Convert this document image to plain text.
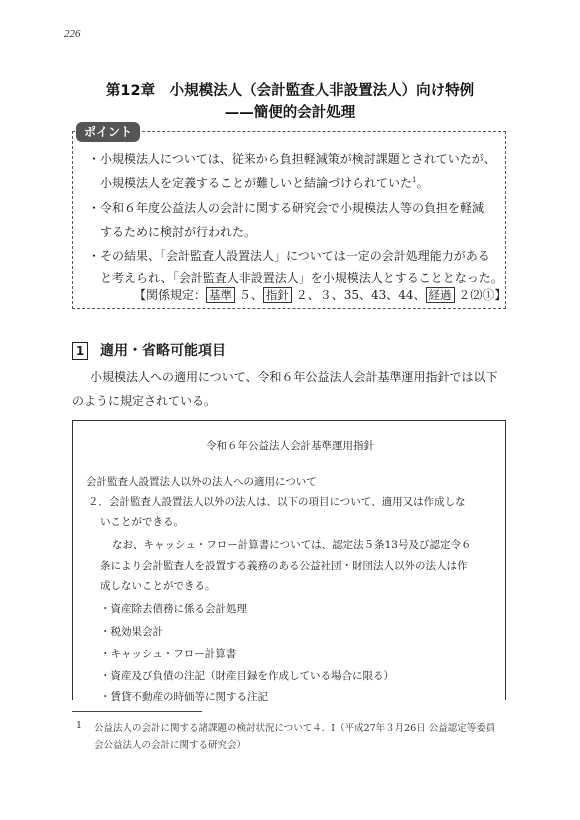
226
第12章　小規模法人（会計監査人非設置法人）向け特例
——簡便的会計処理
ポイント
・小規模法人については、従来から負担軽減策が検討課題とされていたが、
小規模法人を定義することが難しいと結論づけられていた$^1$。
・令和６年度公益法人の会計に関する研究会で小規模法人等の負担を軽減
するために検討が行われた。
・その結果、「会計監査人設置法人」については一定の会計処理能力がある
と考えられ、「会計監査人非設置法人」を小規模法人とすることとなった。
【関係規定： 基準 ５、 指針 ２、３、35、43、44、 経過 ２⑵①】
1 適用・省略可能項目
小規模法人への適用について、令和６年公益法人会計基準運用指針では以下
のように規定されている。
令和６年公益法人会計基準運用指針
会計監査人設置法人以外の法人への適用について
２．会計監査人設置法人以外の法人は、以下の項目について、適用又は作成しな
いことができる。
なお、キャッシュ・フロー計算書については、認定法５条13号及び認定令６
条により会計監査人を設置する義務のある公益社団・財団法人以外の法人は作
成しないことができる。
・資産除去債務に係る会計処理
・税効果会計
・キャッシュ・フロー計算書
・資産及び負債の注記（財産目録を作成している場合に限る）
・賃貸不動産の時価等に関する注記
1 公益法人の会計に関する諸課題の検討状況について４．Ⅰ（平成27年３月26日 公益認定等委員
会公益法人の会計に関する研究会）
